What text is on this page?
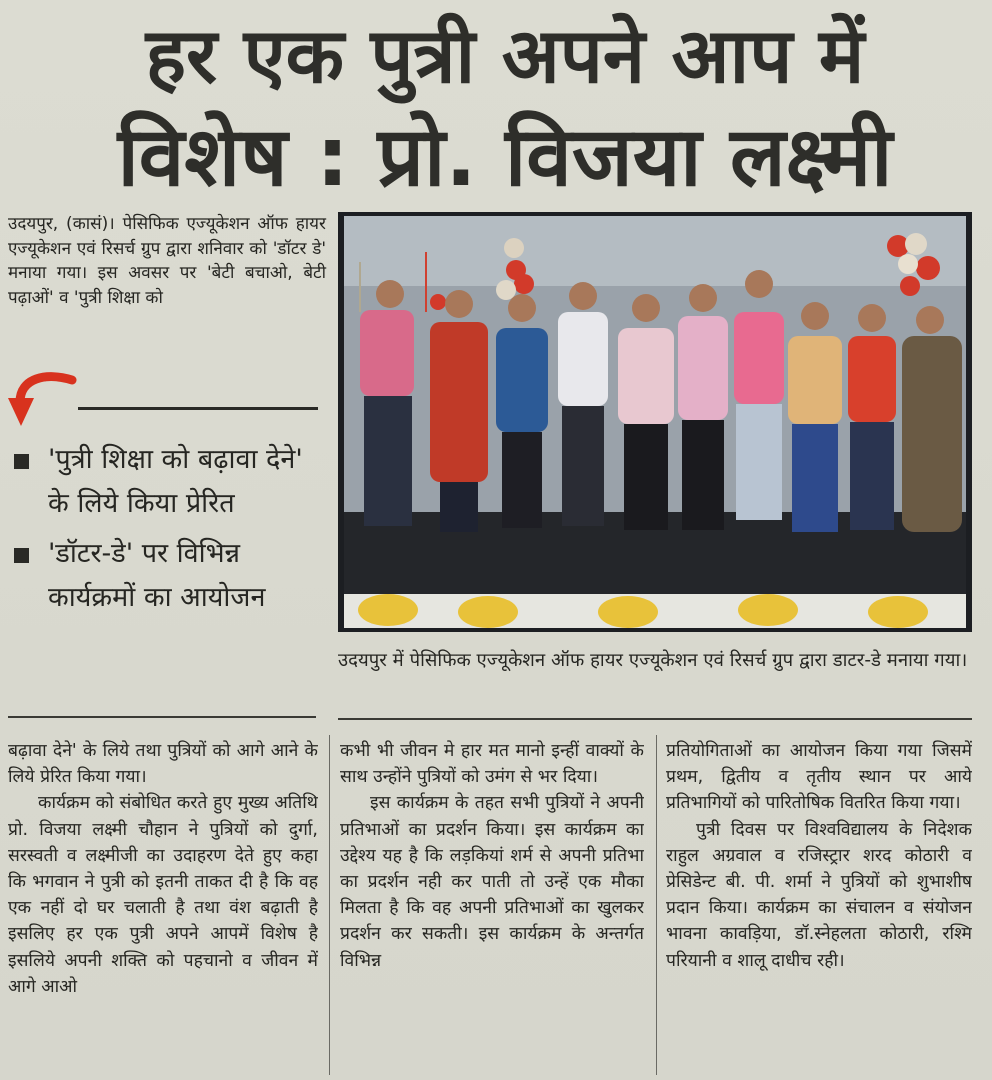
हर एक पुत्री अपने आप में
विशेष : प्रो. विजया लक्ष्मी

उदयपुर, (कासं)। पेसिफिक एज्यूकेशन ऑफ हायर एज्यूकेशन एवं रिसर्च ग्रुप द्वारा शनिवार को 'डॉटर डे' मनाया गया। इस अवसर पर 'बेटी बचाओ, बेटी पढ़ाओं' व 'पुत्री शिक्षा को

'पुत्री शिक्षा को बढ़ावा देने' के लिये किया प्रेरित
'डॉटर-डे' पर विभिन्न कार्यक्रमों का आयोजन

उदयपुर में पेसिफिक एज्यूकेशन ऑफ हायर एज्यूकेशन एवं रिसर्च ग्रुप द्वारा डाटर-डे मनाया गया।

बढ़ावा देने' के लिये तथा पुत्रियों को आगे आने के लिये प्रेरित किया गया।

कार्यक्रम को संबोधित करते हुए मुख्य अतिथि प्रो. विजया लक्ष्मी चौहान ने पुत्रियों को दुर्गा, सरस्वती व लक्ष्मीजी का उदाहरण देते हुए कहा कि भगवान ने पुत्री को इतनी ताकत दी है कि वह एक नहीं दो घर चलाती है तथा वंश बढ़ाती है इसलिए हर एक पुत्री अपने आपमें विशेष है इसलिये अपनी शक्ति को पहचानो व जीवन में आगे आओ

कभी भी जीवन मे हार मत मानो इन्हीं वाक्यों के साथ उन्होंने पुत्रियों को उमंग से भर दिया।

इस कार्यक्रम के तहत सभी पुत्रियों ने अपनी प्रतिभाओं का प्रदर्शन किया। इस कार्यक्रम का उद्देश्य यह है कि लड़कियां शर्म से अपनी प्रतिभा का प्रदर्शन नही कर पाती तो उन्हें एक मौका मिलता है कि वह अपनी प्रतिभाओं का खुलकर प्रदर्शन कर सकती। इस कार्यक्रम के अन्तर्गत विभिन्न

प्रतियोगिताओं का आयोजन किया गया जिसमें प्रथम, द्वितीय व तृतीय स्थान पर आये प्रतिभागियों को पारितोषिक वितरित किया गया।

पुत्री दिवस पर विश्वविद्यालय के निदेशक राहुल अग्रवाल व रजिस्ट्रार शरद कोठारी व प्रेसिडेन्ट बी. पी. शर्मा ने पुत्रियों को शुभाशीष प्रदान किया। कार्यक्रम का संचालन व संयोजन भावना कावड़िया, डॉ.स्नेहलता कोठारी, रश्मि परियानी व शालू दाधीच रही।
